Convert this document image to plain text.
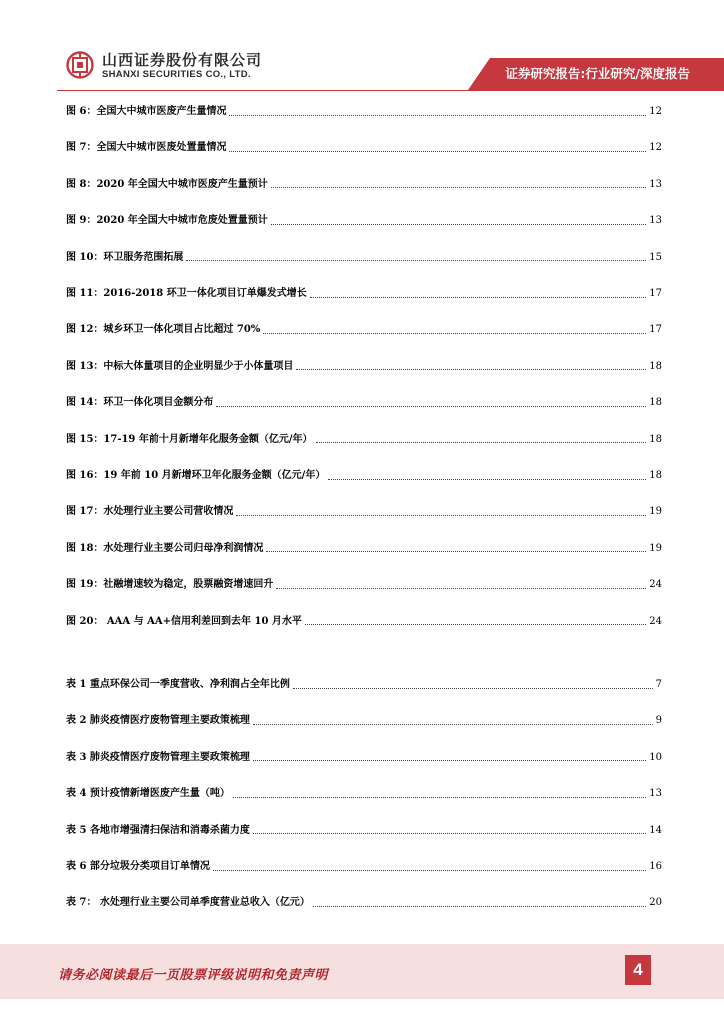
山西证券股份有限公司
SHANXI SECURITIES CO., LTD.	证券研究报告:行业研究/深度报告
图 6：全国大中城市医废产生量情况	12
图 7：全国大中城市医废处置量情况	12
图 8：2020 年全国大中城市医废产生量预计	13
图 9：2020 年全国大中城市危废处置量预计	13
图 10：环卫服务范围拓展	15
图 11：2016-2018 环卫一体化项目订单爆发式增长	17
图 12：城乡环卫一体化项目占比超过 70%	17
图 13：中标大体量项目的企业明显少于小体量项目	18
图 14：环卫一体化项目金额分布	18
图 15：17-19 年前十月新增年化服务金额（亿元/年）	18
图 16：19 年前 10 月新增环卫年化服务金额（亿元/年）	18
图 17：水处理行业主要公司营收情况	19
图 18：水处理行业主要公司归母净利润情况	19
图 19：社融增速较为稳定，股票融资增速回升	24
图 20： AAA 与 AA+信用利差回到去年 10 月水平	24
表 1 重点环保公司一季度营收、净利润占全年比例	7
表 2 肺炎疫情医疗废物管理主要政策梳理	9
表 3 肺炎疫情医疗废物管理主要政策梳理	10
表 4 预计疫情新增医废产生量（吨）	13
表 5 各地市增强清扫保洁和消毒杀菌力度	14
表 6 部分垃圾分类项目订单情况	16
表 7： 水处理行业主要公司单季度营业总收入（亿元）	20
请务必阅读最后一页股票评级说明和免责声明	4
